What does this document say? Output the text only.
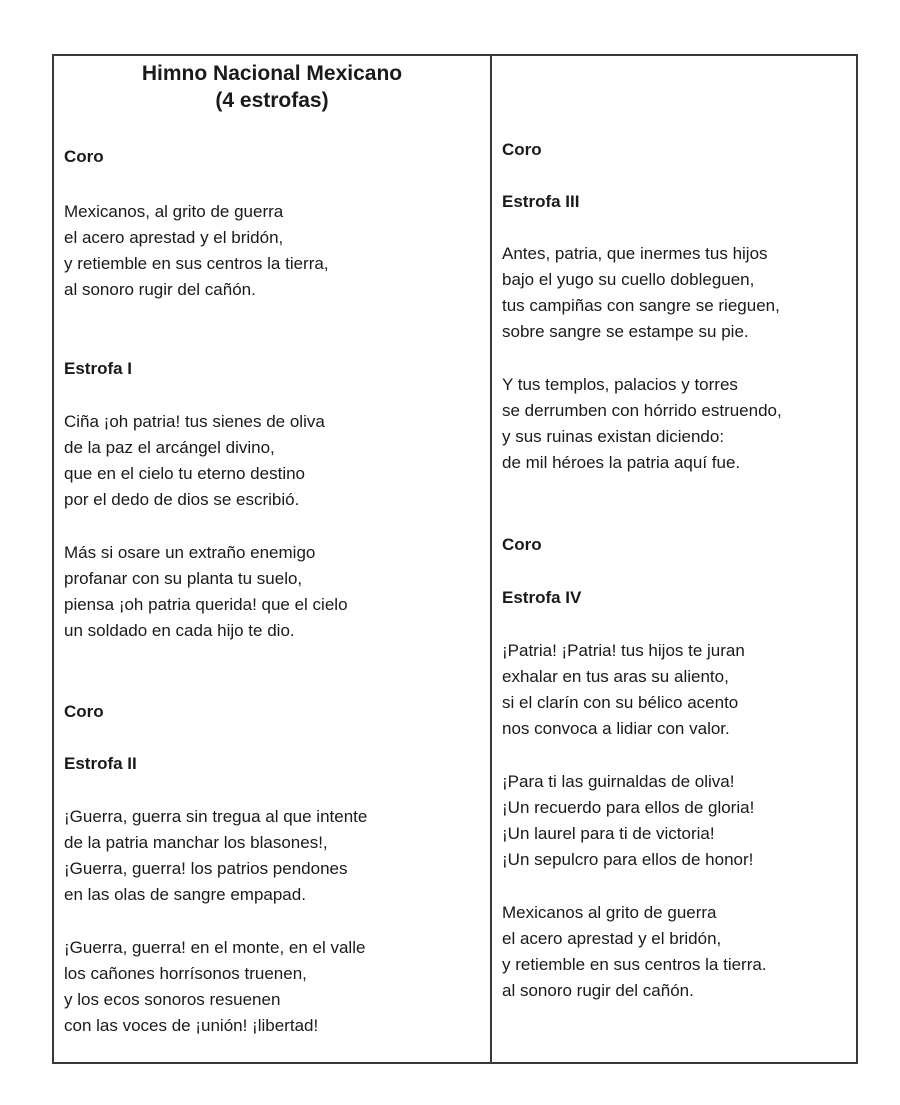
Himno Nacional Mexicano

(4 estrofas)

Coro

Mexicanos, al grito de guerra
el acero aprestad y el bridón,
y retiemble en sus centros la tierra,
al sonoro rugir del cañón.

Estrofa I

Ciña ¡oh patria! tus sienes de oliva
de la paz el arcángel divino,
que en el cielo tu eterno destino
por el dedo de dios se escribió.
Más si osare un extraño enemigo
profanar con su planta tu suelo,
piensa ¡oh patria querida! que el cielo
un soldado en cada hijo te dio.

Coro

Estrofa II

¡Guerra, guerra sin tregua al que intente
de la patria manchar los blasones!,
¡Guerra, guerra! los patrios pendones
en las olas de sangre empapad.
¡Guerra, guerra! en el monte, en el valle
los cañones horrísonos truenen,
y los ecos sonoros resuenen
con las voces de ¡unión! ¡libertad!

Coro

Estrofa III

Antes, patria, que inermes tus hijos
bajo el yugo su cuello dobleguen,
tus campiñas con sangre se rieguen,
sobre sangre se estampe su pie.
Y tus templos, palacios y torres
se derrumben con hórrido estruendo,
y sus ruinas existan diciendo:
de mil héroes la patria aquí fue.

Coro

Estrofa IV

¡Patria! ¡Patria! tus hijos te juran
exhalar en tus aras su aliento,
si el clarín con su bélico acento
nos convoca a lidiar con valor.
¡Para ti las guirnaldas de oliva!
¡Un recuerdo para ellos de gloria!
¡Un laurel para ti de victoria!
¡Un sepulcro para ellos de honor!
Mexicanos al grito de guerra
el acero aprestad y el bridón,
y retiemble en sus centros la tierra.
al sonoro rugir del cañón.
